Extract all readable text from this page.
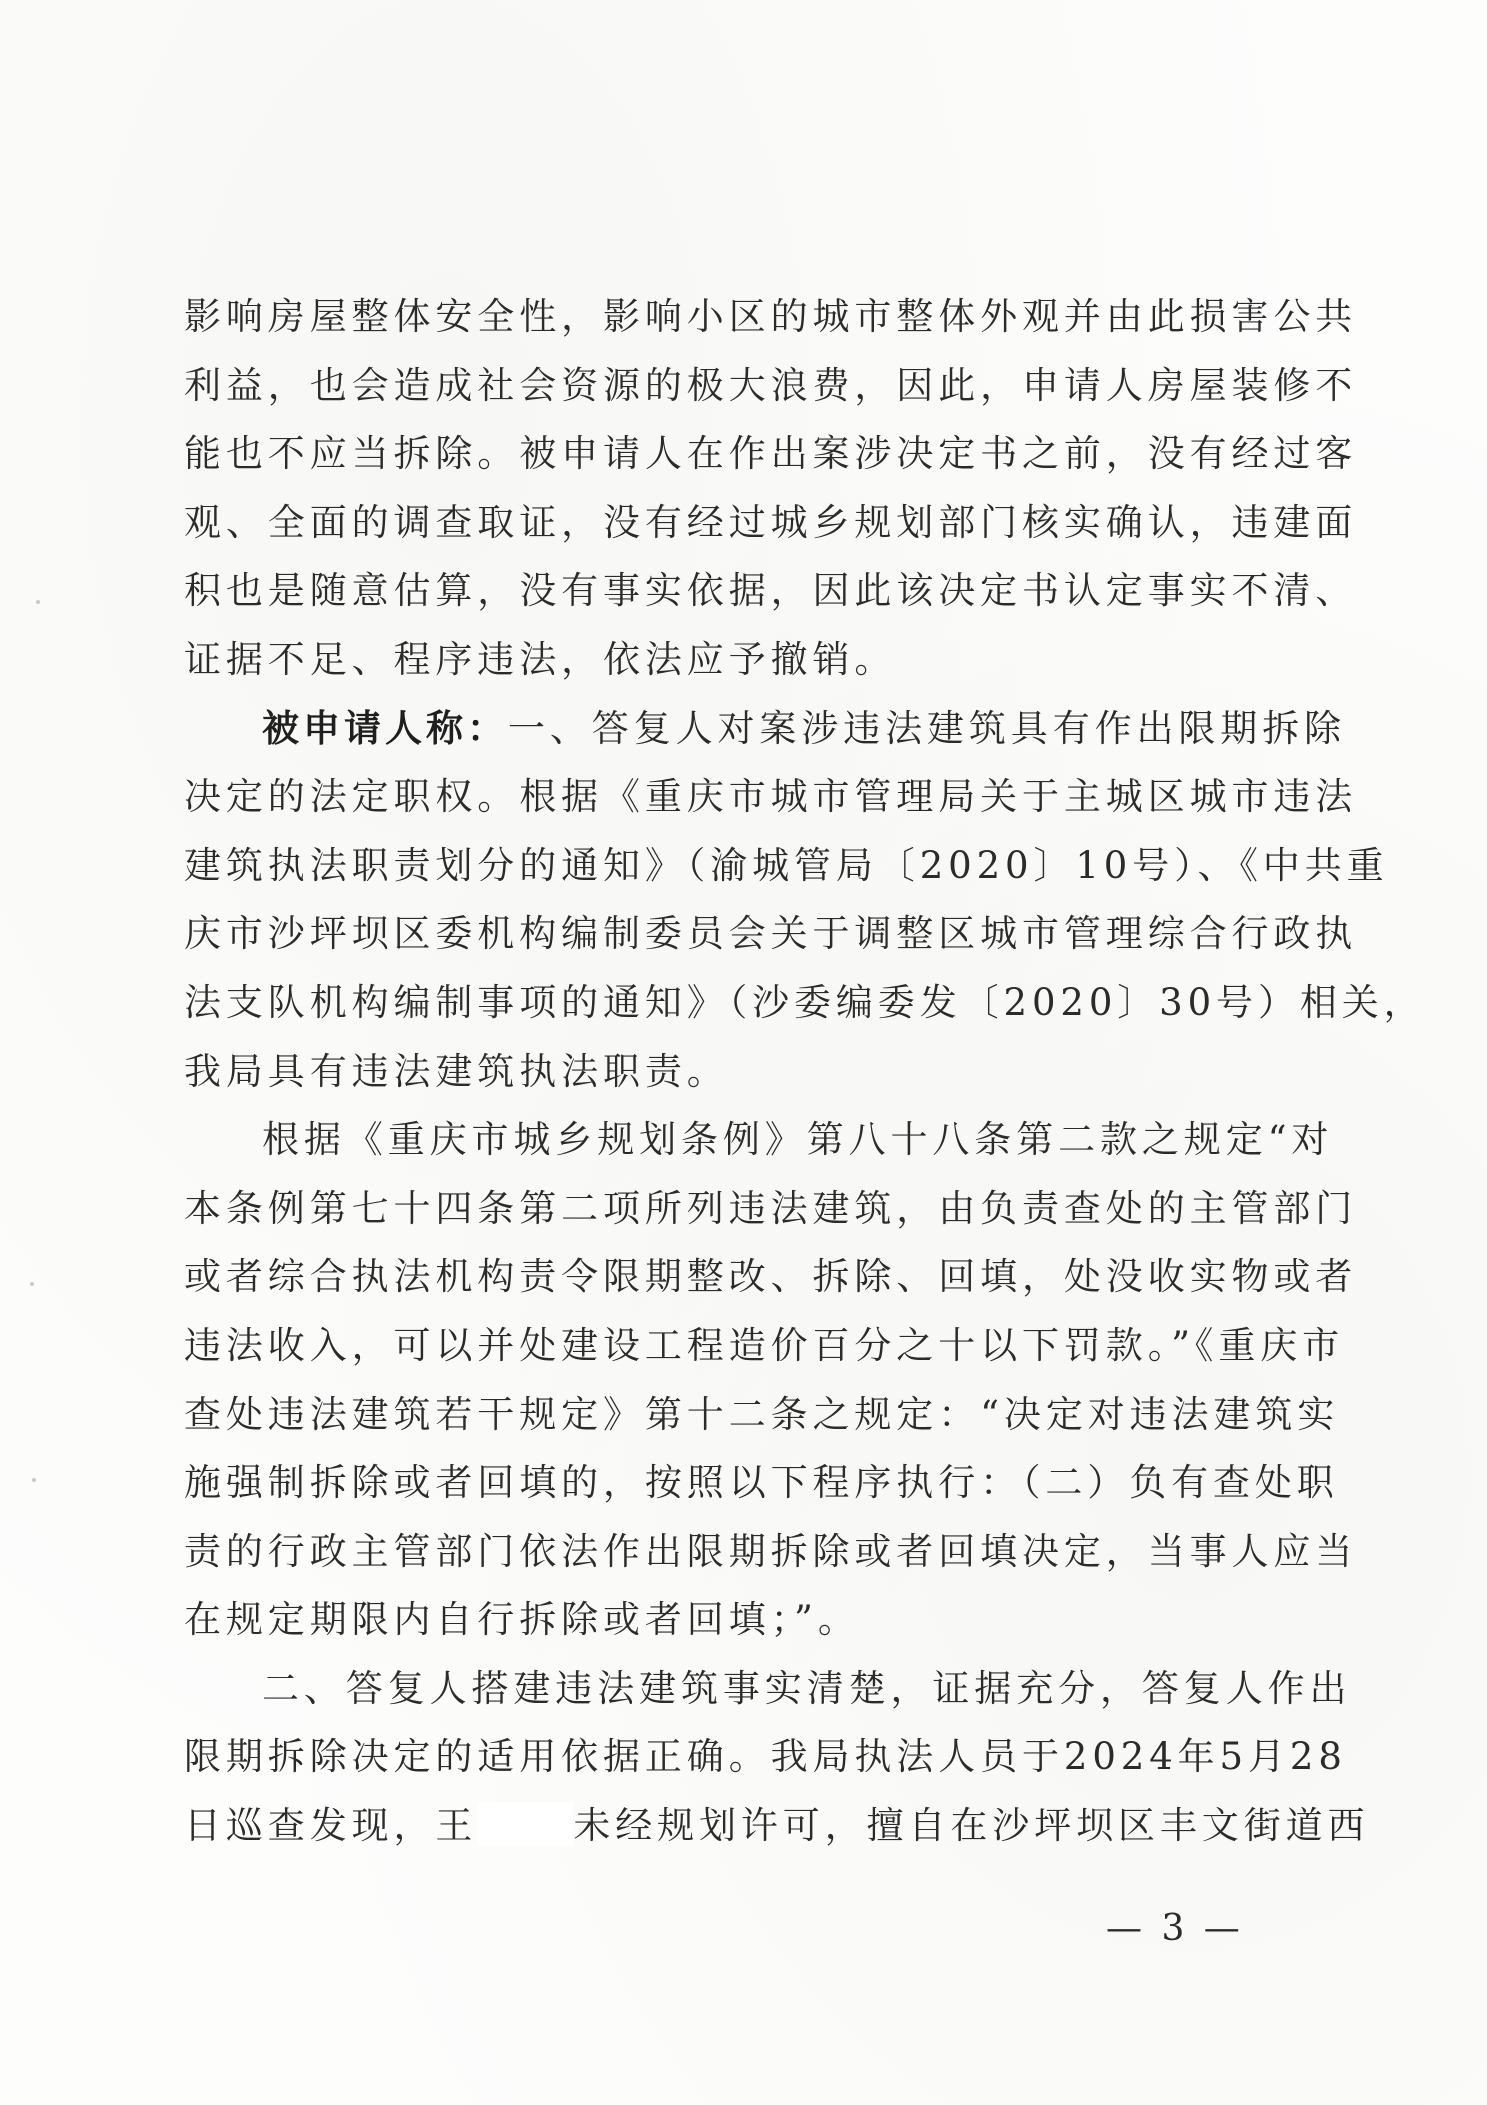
影响房屋整体安全性，影响小区的城市整体外观并由此损害公共
利益，也会造成社会资源的极大浪费，因此，申请人房屋装修不
能也不应当拆除。被申请人在作出案涉决定书之前，没有经过客
观、全面的调查取证，没有经过城乡规划部门核实确认，违建面
积也是随意估算，没有事实依据，因此该决定书认定事实不清、
证据不足、程序违法，依法应予撤销。
被申请人称：一、答复人对案涉违法建筑具有作出限期拆除
决定的法定职权。根据《重庆市城市管理局关于主城区城市违法
建筑执法职责划分的通知》（渝城管局〔2020〕10号）、《中共重
庆市沙坪坝区委机构编制委员会关于调整区城市管理综合行政执
法支队机构编制事项的通知》（沙委编委发〔2020〕30号）相关，
我局具有违法建筑执法职责。
根据《重庆市城乡规划条例》第八十八条第二款之规定“对
本条例第七十四条第二项所列违法建筑，由负责查处的主管部门
或者综合执法机构责令限期整改、拆除、回填，处没收实物或者
违法收入，可以并处建设工程造价百分之十以下罚款。”《重庆市
查处违法建筑若干规定》第十二条之规定：“决定对违法建筑实
施强制拆除或者回填的，按照以下程序执行：（二）负有查处职
责的行政主管部门依法作出限期拆除或者回填决定，当事人应当
在规定期限内自行拆除或者回填；”。
二、答复人搭建违法建筑事实清楚，证据充分，答复人作出
限期拆除决定的适用依据正确。我局执法人员于2024年5月28
日巡查发现，王	未经规划许可，擅自在沙坪坝区丰文街道西
— 3 —
